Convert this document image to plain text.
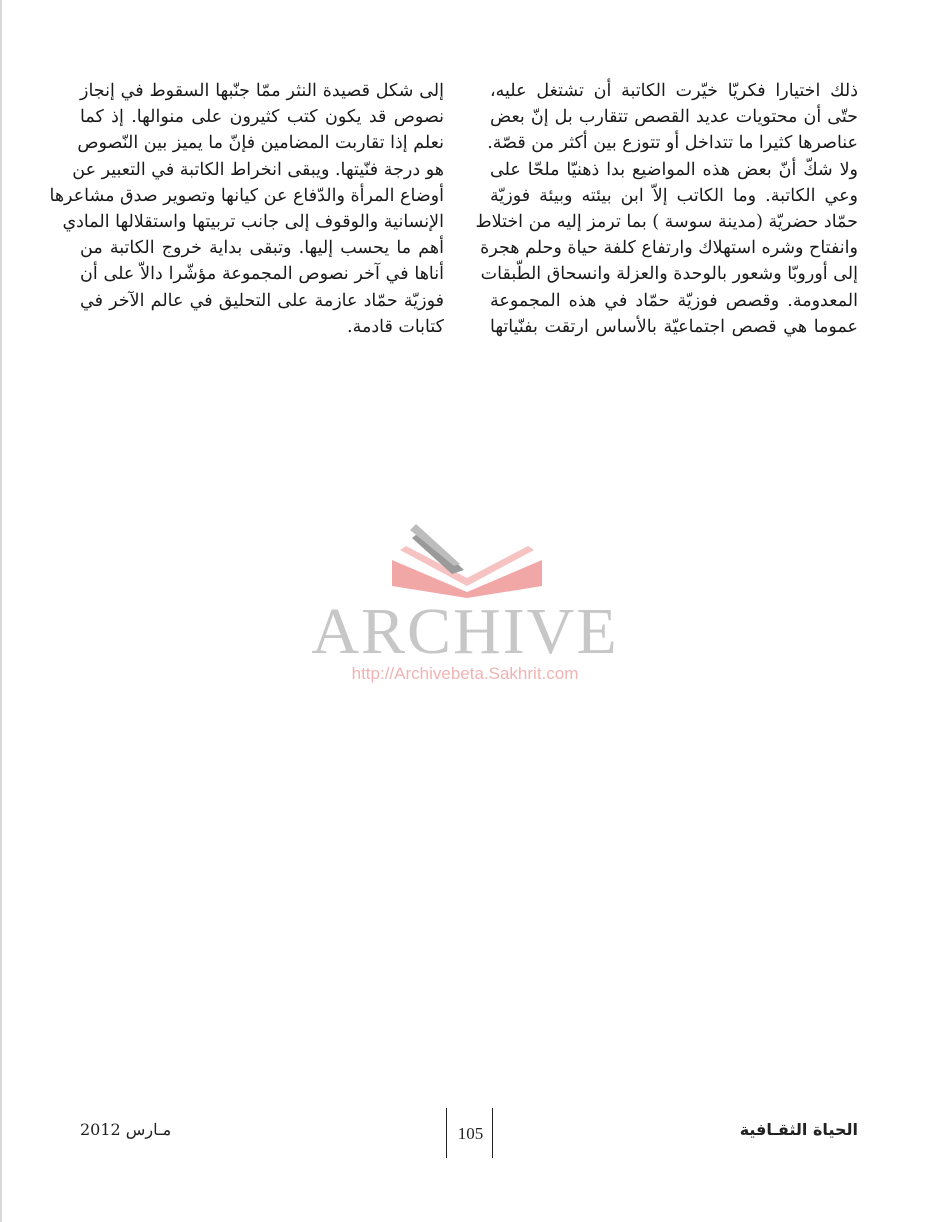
ذلك اختيارا فكريّا خيّرت الكاتبة أن تشتغل عليه،
حتّى أن محتويات عديد القصص تتقارب بل إنّ بعض
عناصرها كثيرا ما تتداخل أو تتوزع بين أكثر من قصّة.
ولا شكّ أنّ بعض هذه المواضيع بدا ذهنيّا ملحّا على
وعي الكاتبة. وما الكاتب إلاّ ابن بيئته وبيئة فوزيّة
حمّاد حضريّة (مدينة سوسة ) بما ترمز إليه من اختلاط
وانفتاح وشره استهلاك وارتفاع كلفة حياة وحلم هجرة
إلى أوروبّا وشعور بالوحدة والعزلة وانسحاق الطّبقات
المعدومة. وقصص فوزيّة حمّاد في هذه المجموعة
عموما هي قصص اجتماعيّة بالأساس ارتقت بفنّياتها
إلى شكل قصيدة النثر ممّا جنّبها السقوط في إنجاز
نصوص قد يكون كتب كثيرون على منوالها. إذ كما
نعلم إذا تقاربت المضامين فإنّ ما يميز بين النّصوص
هو درجة فنّيتها. ويبقى انخراط الكاتبة في التعبير عن
أوضاع المرأة والدّفاع عن كيانها وتصوير صدق مشاعرها
الإنسانية والوقوف إلى جانب تربيتها واستقلالها المادي
أهم ما يحسب إليها. وتبقى بداية خروج الكاتبة من
أناها في آخر نصوص المجموعة مؤشّرا دالاّ على أن
فوزيّة حمّاد عازمة على التحليق في عالم الآخر في
كتابات قادمة.
ARCHIVE
http://Archivebeta.Sakhrit.com
الحياة الثقـافية
105
مـارس 2012
